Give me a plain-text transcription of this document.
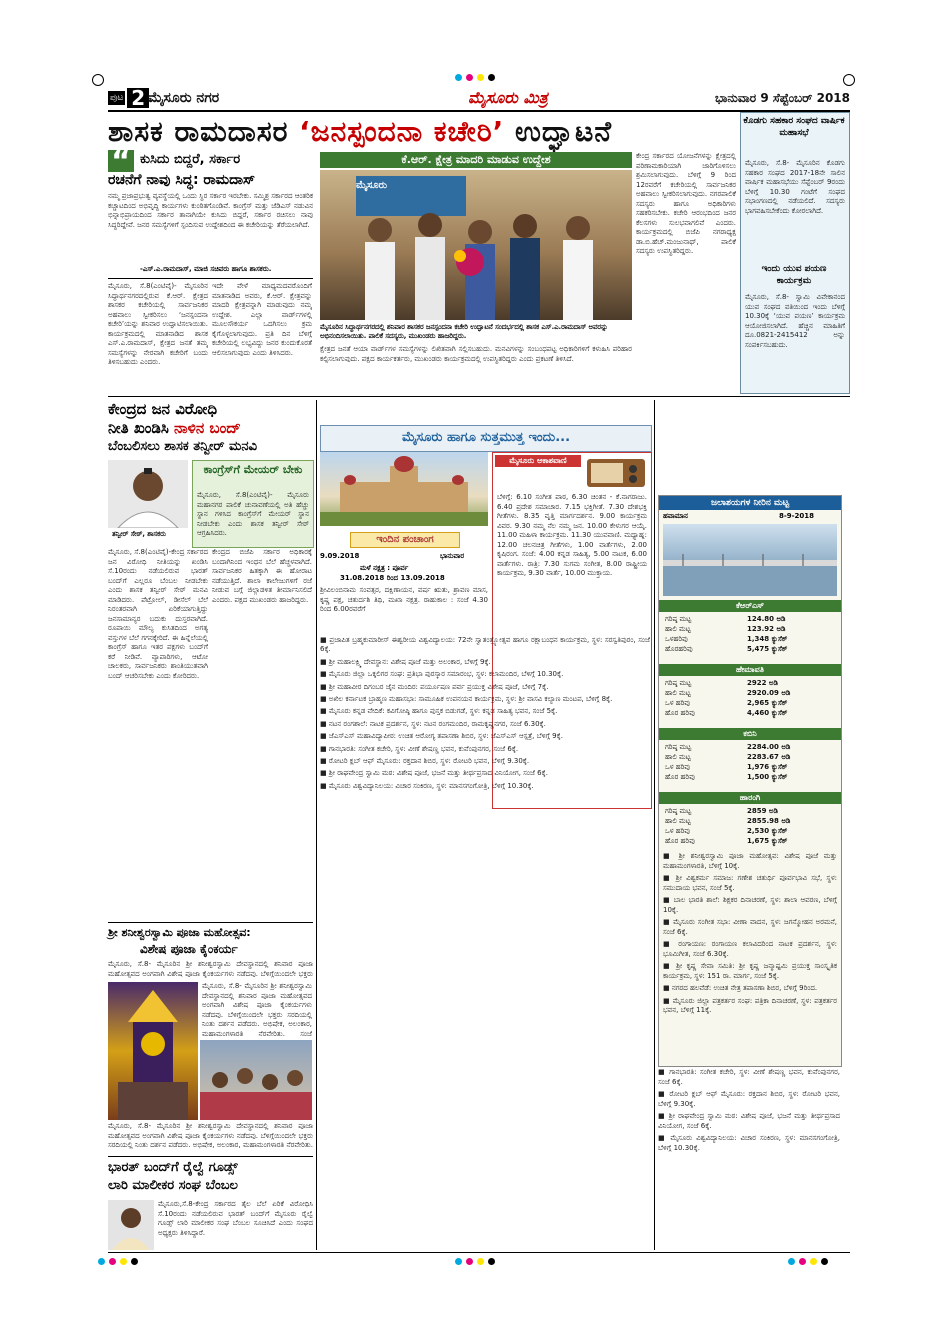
ಪುಟ 2 ಮೈಸೂರು ನಗರ	ಮೈಸೂರು ಮಿತ್ರ	ಭಾನುವಾರ 9 ಸೆಪ್ಟೆಂಬರ್ 2018
ಶಾಸಕ ರಾಮದಾಸರ ‘ಜನಸ್ಪಂದನಾ ಕಚೇರಿ’ ಉದ್ಘಾಟನೆ
“ ಕುಸಿದು ಬಿದ್ದರೆ, ಸರ್ಕಾರ
ರಚನೆಗೆ ನಾವು ಸಿದ್ಧ: ರಾಮದಾಸ್
ನಮ್ಮ ಪ್ರಜಾಪ್ರಭುತ್ವ ವ್ಯವಸ್ಥೆಯಲ್ಲಿ ಒಂದು ಸ್ಥಿರ ಸರ್ಕಾರ ಇರಬೇಕು. ಸಮ್ಮಿಶ್ರ ಸರ್ಕಾರದ ಆಂತರಿಕ ಕಚ್ಚಾಟದಿಂದ ಅಭಿವೃದ್ಧಿ ಕಾರ್ಯಗಳು ಕುಂಠಿತಗೊಂಡಿವೆ. ಕಾಂಗ್ರೆಸ್ ಮತ್ತು ಜೆಡಿಎಸ್ ನಡುವಿನ ಭಿನ್ನಾಭಿಪ್ರಾಯದಿಂದ ಸರ್ಕಾರ ತಾನಾಗಿಯೇ ಕುಸಿದು ಬಿದ್ದರೆ, ಸರ್ಕಾರ ರಚಿಸಲು ನಾವು ಸಿದ್ಧರಿದ್ದೇವೆ. ಜನರ ಸಮಸ್ಯೆಗಳಿಗೆ ಸ್ಪಂದಿಸುವ ಉದ್ದೇಶದಿಂದ ಈ ಕಚೇರಿಯನ್ನು ತೆರೆಯಲಾಗಿದೆ.
-ಎಸ್.ಎ.ರಾಮದಾಸ್, ಮಾಜಿ ಸಚಿವರು ಹಾಗೂ ಶಾಸಕರು.
ಮೈಸೂರು, ಸೆ.8(ಎಂಟಿವೈ)- ಮೈಸೂರಿನ ಸಿದ್ಧಾರ್ಥನಗರದಲ್ಲಿರುವ ಕೆ.ಆರ್. ಕ್ಷೇತ್ರದ ಶಾಸಕರ ಕಚೇರಿಯಲ್ಲಿ ಸಾರ್ವಜನಿಕರ ಅಹವಾಲು ಸ್ವೀಕರಿಸಲು ‘ಜನಸ್ಪಂದನಾ ಕಚೇರಿ’ಯನ್ನು ಶನಿವಾರ ಉದ್ಘಾಟಿಸಲಾಯಿತು. ಕಾರ್ಯಕ್ರಮದಲ್ಲಿ ಮಾತನಾಡಿದ ಶಾಸಕ ಎಸ್.ಎ.ರಾಮದಾಸ್, ಕ್ಷೇತ್ರದ ಜನತೆ ತಮ್ಮ ಸಮಸ್ಯೆಗಳನ್ನು ನೇರವಾಗಿ ಕಚೇರಿಗೆ ಬಂದು ತಿಳಿಸಬಹುದು ಎಂದರು.
ಇದೇ ವೇಳೆ ಮಾಧ್ಯಮದವರೊಂದಿಗೆ ಮಾತನಾಡಿದ ಅವರು, ಕೆ.ಆರ್. ಕ್ಷೇತ್ರವನ್ನು ಮಾದರಿ ಕ್ಷೇತ್ರವನ್ನಾಗಿ ಮಾಡುವುದು ನಮ್ಮ ಉದ್ದೇಶ. ಎಲ್ಲಾ ವಾರ್ಡ್‌ಗಳಲ್ಲಿ ಮೂಲಸೌಕರ್ಯ ಒದಗಿಸಲು ಕ್ರಮ ಕೈಗೊಳ್ಳಲಾಗುವುದು. ಪ್ರತಿ ದಿನ ಬೆಳಿಗ್ಗೆ ಕಚೇರಿಯಲ್ಲಿ ಲಭ್ಯವಿದ್ದು ಜನರ ಕುಂದುಕೊರತೆ ಆಲಿಸಲಾಗುವುದು ಎಂದು ತಿಳಿಸಿದರು.
ಕೆ.ಆರ್. ಕ್ಷೇತ್ರ ಮಾದರಿ ಮಾಡುವ ಉದ್ದೇಶ
ಮೈಸೂರು
ಮೈಸೂರಿನ ಸಿದ್ಧಾರ್ಥನಗರದಲ್ಲಿ ಶನಿವಾರ ಶಾಸಕರ ಜನಸ್ಪಂದನಾ ಕಚೇರಿ ಉದ್ಘಾಟನೆ ಸಂದರ್ಭದಲ್ಲಿ ಶಾಸಕ ಎಸ್.ಎ.ರಾಮದಾಸ್ ಅವರನ್ನು ಅಭಿನಂದಿಸಲಾಯಿತು. ಪಾಲಿಕೆ ಸದಸ್ಯರು, ಮುಖಂಡರು ಹಾಜರಿದ್ದರು.
ಕ್ಷೇತ್ರದ ಜನತೆ ಆಯಾ ವಾರ್ಡ್‌ಗಳ ಸಮಸ್ಯೆಗಳನ್ನು ಲಿಖಿತವಾಗಿ ಸಲ್ಲಿಸಬಹುದು. ಮನವಿಗಳನ್ನು ಸಂಬಂಧಪಟ್ಟ ಅಧಿಕಾರಿಗಳಿಗೆ ಕಳುಹಿಸಿ ಪರಿಹಾರ ಕಲ್ಪಿಸಲಾಗುವುದು. ಪಕ್ಷದ ಕಾರ್ಯಕರ್ತರು, ಮುಖಂಡರು ಕಾರ್ಯಕ್ರಮದಲ್ಲಿ ಉಪಸ್ಥಿತರಿದ್ದರು ಎಂದು ಪ್ರಕಟಣೆ ತಿಳಿಸಿದೆ.
ಕೇಂದ್ರ ಸರ್ಕಾರದ ಯೋಜನೆಗಳನ್ನು ಕ್ಷೇತ್ರದಲ್ಲಿ ಪರಿಣಾಮಕಾರಿಯಾಗಿ ಜಾರಿಗೊಳಿಸಲು ಶ್ರಮಿಸಲಾಗುವುದು. ಬೆಳಿಗ್ಗೆ 9 ರಿಂದ 12ರವರೆಗೆ ಕಚೇರಿಯಲ್ಲಿ ಸಾರ್ವಜನಿಕರ ಅಹವಾಲು ಸ್ವೀಕರಿಸಲಾಗುವುದು. ನಗರಪಾಲಿಕೆ ಸದಸ್ಯರು ಹಾಗೂ ಅಧಿಕಾರಿಗಳು ಸಹಕರಿಸಬೇಕು. ಕಚೇರಿ ಆರಂಭದಿಂದ ಜನರ ಕೆಲಸಗಳು ಸುಲಭವಾಗಲಿವೆ ಎಂದರು. ಕಾರ್ಯಕ್ರಮದಲ್ಲಿ ಬಿಜೆಪಿ ನಗರಾಧ್ಯಕ್ಷ ಡಾ.ಬಿ.ಹೆಚ್.ಮಂಜುನಾಥ್, ಪಾಲಿಕೆ ಸದಸ್ಯರು ಉಪಸ್ಥಿತರಿದ್ದರು.
ಕೊಡಗು ಸಹಕಾರ ಸಂಘದ ವಾರ್ಷಿಕ ಮಹಾಸಭೆ
ಮೈಸೂರು, ಸೆ.8- ಮೈಸೂರಿನ ಕೊಡಗು ಸಹಕಾರ ಸಂಘದ 2017-18ನೇ ಸಾಲಿನ ವಾರ್ಷಿಕ ಮಹಾಸಭೆಯು ಸೆಪ್ಟೆಂಬರ್ 9ರಂದು ಬೆಳಿಗ್ಗೆ 10.30 ಗಂಟೆಗೆ ಸಂಘದ ಸಭಾಂಗಣದಲ್ಲಿ ನಡೆಯಲಿದೆ. ಸದಸ್ಯರು ಭಾಗವಹಿಸಬೇಕೆಂದು ಕೋರಲಾಗಿದೆ.
ಇಂದು ಯುವ ಪಯಣ ಕಾರ್ಯಕ್ರಮ
ಮೈಸೂರು, ಸೆ.8- ಸ್ವಾಮಿ ವಿವೇಕಾನಂದ ಯುವ ಸಂಘದ ವತಿಯಿಂದ ಇಂದು ಬೆಳಿಗ್ಗೆ 10.30ಕ್ಕೆ ‘ಯುವ ಪಯಣ’ ಕಾರ್ಯಕ್ರಮ ಆಯೋಜಿಸಲಾಗಿದೆ. ಹೆಚ್ಚಿನ ಮಾಹಿತಿಗೆ ದೂ.0821-2415412 ಅನ್ನು ಸಂಪರ್ಕಿಸಬಹುದು.
ಕೇಂದ್ರದ ಜನ ವಿರೋಧಿ
ನೀತಿ ಖಂಡಿಸಿ ನಾಳಿನ ಬಂದ್
ಬೆಂಬಲಿಸಲು ಶಾಸಕ ತನ್ವೀರ್ ಮನವಿ
ತನ್ವೀರ್ ಸೇಠ್, ಶಾಸಕರು
ಕಾಂಗ್ರೆಸ್‌ಗೆ ಮೇಯರ್ ಬೇಕು
ಮೈಸೂರು, ಸೆ.8(ಎಂಟಿವೈ)- ಮೈಸೂರು ಮಹಾನಗರ ಪಾಲಿಕೆ ಚುನಾವಣೆಯಲ್ಲಿ ಅತಿ ಹೆಚ್ಚು ಸ್ಥಾನ ಗಳಿಸಿದ ಕಾಂಗ್ರೆಸ್‌ಗೆ ಮೇಯರ್ ಸ್ಥಾನ ನೀಡಬೇಕು ಎಂದು ಶಾಸಕ ತನ್ವೀರ್ ಸೇಠ್ ಆಗ್ರಹಿಸಿದರು.
ಮೈಸೂರು, ಸೆ.8(ಎಂಟಿವೈ)-ಕೇಂದ್ರ ಸರ್ಕಾರದ ಜನ ವಿರೋಧಿ ನೀತಿಯನ್ನು ಖಂಡಿಸಿ ಸೆ.10ರಂದು ನಡೆಯಲಿರುವ ಭಾರತ್ ಬಂದ್‌ಗೆ ಎಲ್ಲರೂ ಬೆಂಬಲ ನೀಡಬೇಕು ಎಂದು ಶಾಸಕ ತನ್ವೀರ್ ಸೇಠ್ ಮನವಿ ಮಾಡಿದರು. ಪೆಟ್ರೋಲ್, ಡೀಸೆಲ್ ಬೆಲೆ ನಿರಂತರವಾಗಿ ಏರಿಕೆಯಾಗುತ್ತಿದ್ದು ಜನಸಾಮಾನ್ಯರ ಬದುಕು ದುಸ್ತರವಾಗಿದೆ. ರೂಪಾಯಿ ಮೌಲ್ಯ ಕುಸಿತದಿಂದ ಅಗತ್ಯ ವಸ್ತುಗಳ ಬೆಲೆ ಗಗನಕ್ಕೇರಿದೆ. ಈ ಹಿನ್ನೆಲೆಯಲ್ಲಿ ಕಾಂಗ್ರೆಸ್ ಹಾಗೂ ಇತರ ಪಕ್ಷಗಳು ಬಂದ್‌ಗೆ ಕರೆ ನೀಡಿವೆ. ವ್ಯಾಪಾರಿಗಳು, ಆಟೋ ಚಾಲಕರು, ಸಾರ್ವಜನಿಕರು ಶಾಂತಿಯುತವಾಗಿ ಬಂದ್ ಆಚರಿಸಬೇಕು ಎಂದು ಕೋರಿದರು.
ಕೇಂದ್ರದ ಬಿಜೆಪಿ ಸರ್ಕಾರ ಅಧಿಕಾರಕ್ಕೆ ಬಂದಾಗಿನಿಂದ ಇಂಧನ ಬೆಲೆ ಹೆಚ್ಚಳವಾಗಿದೆ. ಸಾರ್ವಜನಿಕರ ಹಿತಕ್ಕಾಗಿ ಈ ಹೋರಾಟ ನಡೆಯುತ್ತಿದೆ. ಶಾಲಾ ಕಾಲೇಜುಗಳಿಗೆ ರಜೆ ನೀಡುವ ಬಗ್ಗೆ ಜಿಲ್ಲಾಡಳಿತ ತೀರ್ಮಾನಿಸಲಿದೆ ಎಂದರು. ಪಕ್ಷದ ಮುಖಂಡರು ಹಾಜರಿದ್ದರು.
ಶ್ರೀ ಶನೀಶ್ವರಸ್ವಾಮಿ ಪೂಜಾ ಮಹೋತ್ಸವ:
ವಿಶೇಷ ಪೂಜಾ ಕೈಂಕರ್ಯ
ಮೈಸೂರು, ಸೆ.8- ಮೈಸೂರಿನ ಶ್ರೀ ಶನೀಶ್ವರಸ್ವಾಮಿ ದೇವಸ್ಥಾನದಲ್ಲಿ ಶನಿವಾರ ಪೂಜಾ ಮಹೋತ್ಸವದ ಅಂಗವಾಗಿ ವಿಶೇಷ ಪೂಜಾ ಕೈಂಕರ್ಯಗಳು ನಡೆದವು. ಬೆಳಿಗ್ಗೆಯಿಂದಲೇ ಭಕ್ತರು
ಮೈಸೂರು, ಸೆ.8- ಮೈಸೂರಿನ ಶ್ರೀ ಶನೀಶ್ವರಸ್ವಾಮಿ ದೇವಸ್ಥಾನದಲ್ಲಿ ಶನಿವಾರ ಪೂಜಾ ಮಹೋತ್ಸವದ ಅಂಗವಾಗಿ ವಿಶೇಷ ಪೂಜಾ ಕೈಂಕರ್ಯಗಳು ನಡೆದವು. ಬೆಳಿಗ್ಗೆಯಿಂದಲೇ ಭಕ್ತರು ಸರದಿಯಲ್ಲಿ ನಿಂತು ದರ್ಶನ ಪಡೆದರು. ಅಭಿಷೇಕ, ಅಲಂಕಾರ, ಮಹಾಮಂಗಳಾರತಿ ನೆರವೇರಿತು. ಸಂಜೆ
ಮೈಸೂರು, ಸೆ.8- ಮೈಸೂರಿನ ಶ್ರೀ ಶನೀಶ್ವರಸ್ವಾಮಿ ದೇವಸ್ಥಾನದಲ್ಲಿ ಶನಿವಾರ ಪೂಜಾ ಮಹೋತ್ಸವದ ಅಂಗವಾಗಿ ವಿಶೇಷ ಪೂಜಾ ಕೈಂಕರ್ಯಗಳು ನಡೆದವು. ಬೆಳಿಗ್ಗೆಯಿಂದಲೇ ಭಕ್ತರು ಸರದಿಯಲ್ಲಿ ನಿಂತು ದರ್ಶನ ಪಡೆದರು. ಅಭಿಷೇಕ, ಅಲಂಕಾರ, ಮಹಾಮಂಗಳಾರತಿ ನೆರವೇರಿತು.
ಭಾರತ್ ಬಂದ್‌ಗೆ ರೈಲ್ವೆ ಗೂಡ್ಸ್
ಲಾರಿ ಮಾಲೀಕರ ಸಂಘ ಬೆಂಬಲ
ಮೈಸೂರು,ಸೆ.8-ಕೇಂದ್ರ ಸರ್ಕಾರದ ತೈಲ ಬೆಲೆ ಏರಿಕೆ ವಿರೋಧಿಸಿ ಸೆ.10ರಂದು ನಡೆಯಲಿರುವ ಭಾರತ್ ಬಂದ್‌ಗೆ ಮೈಸೂರು ರೈಲ್ವೆ ಗೂಡ್ಸ್ ಲಾರಿ ಮಾಲೀಕರ ಸಂಘ ಬೆಂಬಲ ಸೂಚಿಸಿದೆ ಎಂದು ಸಂಘದ ಅಧ್ಯಕ್ಷರು ತಿಳಿಸಿದ್ದಾರೆ.
ಮೈಸೂರು ಹಾಗೂ ಸುತ್ತಮುತ್ತ ಇಂದು...
ಇಂದಿನ ಪಂಚಾಂಗ
9.09.2018	ಭಾನುವಾರ
ಮಳೆ ನಕ್ಷತ್ರ : ಪೂರ್ವ
31.08.2018 ರಿಂದ 13.09.2018
ಶ್ರೀವಿಲಂಬಿನಾಮ ಸಂವತ್ಸರ, ದಕ್ಷಿಣಾಯನ, ವರ್ಷ ಋತು, ಶ್ರಾವಣ ಮಾಸ, ಕೃಷ್ಣ ಪಕ್ಷ, ಚತುರ್ದಶಿ ತಿಥಿ, ಮಖಾ ನಕ್ಷತ್ರ. ರಾಹುಕಾಲ : ಸಂಜೆ 4.30 ರಿಂದ 6.00ರವರೆಗೆ
ಮೈಸೂರು ಆಕಾಶವಾಣಿ
ಬೆಳಿಗ್ಗೆ: 6.10 ಸಂಗೀತ ಪಾಠ, 6.30 ಚಿಂತನ - ಕೆ.ನಾಗರಾಜು. 6.40 ಪ್ರದೇಶ ಸಮಾಚಾರ. 7.15 ಭಕ್ತಿಗೀತೆ. 7.30 ದೇಶಭಕ್ತಿ ಗೀತೆಗಳು. 8.35 ವೃತ್ತಿ ಮಾರ್ಗದರ್ಶನ. 9.00 ಕಾರ್ಯಕ್ರಮ ವಿವರ. 9.30 ನಮ್ಮ ನೆಲ ನಮ್ಮ ಜನ. 10.00 ಕೇಳುಗರ ಆಯ್ಕೆ. 11.00 ಮಹಿಳಾ ಕಾರ್ಯಕ್ರಮ. 11.30 ಯುವವಾಣಿ. ಮಧ್ಯಾಹ್ನ: 12.00 ಚಲನಚಿತ್ರ ಗೀತೆಗಳು, 1.00 ವಾರ್ತೆಗಳು, 2.00 ಕೃಷಿರಂಗ. ಸಂಜೆ: 4.00 ಕನ್ನಡ ಸಾಹಿತ್ಯ, 5.00 ನಾಟಕ, 6.00 ವಾರ್ತೆಗಳು. ರಾತ್ರಿ: 7.30 ಸುಗಮ ಸಂಗೀತ, 8.00 ರಾಷ್ಟ್ರೀಯ ಕಾರ್ಯಕ್ರಮ, 9.30 ವಾರ್ತೆ, 10.00 ಮುಕ್ತಾಯ.
■ ಪ್ರಜಾಪಿತ ಬ್ರಹ್ಮಕುಮಾರೀಸ್ ಈಶ್ವರೀಯ ವಿಶ್ವವಿದ್ಯಾಲಯ: 72ನೇ ಸ್ವಾತಂತ್ರ್ಯೋತ್ಸವ ಹಾಗೂ ರಕ್ಷಾಬಂಧನ ಕಾರ್ಯಕ್ರಮ, ಸ್ಥಳ: ಸರಸ್ವತಿಪುರಂ, ಸಂಜೆ 6ಕ್ಕೆ.
■ ಶ್ರೀ ಮಹಾಲಕ್ಷ್ಮಿ ದೇವಸ್ಥಾನ: ವಿಶೇಷ ಪೂಜೆ ಮತ್ತು ಅಲಂಕಾರ, ಬೆಳಿಗ್ಗೆ 9ಕ್ಕೆ.
■ ಮೈಸೂರು ಜಿಲ್ಲಾ ಒಕ್ಕಲಿಗರ ಸಂಘ: ಪ್ರತಿಭಾ ಪುರಸ್ಕಾರ ಸಮಾರಂಭ, ಸ್ಥಳ: ಕಲಾಮಂದಿರ, ಬೆಳಿಗ್ಗೆ 10.30ಕ್ಕೆ.
■ ಶ್ರೀ ಮಹಾವೀರ ದಿಗಂಬರ ಜೈನ ಮಂದಿರ: ಪರ್ಯೂಷಣ ಪರ್ವ ಪ್ರಯುಕ್ತ ವಿಶೇಷ ಪೂಜೆ, ಬೆಳಿಗ್ಗೆ 7ಕ್ಕೆ.
■ ಅಖಿಲ ಕರ್ನಾಟಕ ಬ್ರಾಹ್ಮಣ ಮಹಾಸಭಾ: ಸಾಮೂಹಿಕ ಉಪನಯನ ಕಾರ್ಯಕ್ರಮ, ಸ್ಥಳ: ಶ್ರೀ ವಾಸವಿ ಕಲ್ಯಾಣ ಮಂಟಪ, ಬೆಳಿಗ್ಗೆ 8ಕ್ಕೆ.
■ ಮೈಸೂರು ಕನ್ನಡ ವೇದಿಕೆ: ಕವಿಗೋಷ್ಠಿ ಹಾಗೂ ಪುಸ್ತಕ ಬಿಡುಗಡೆ, ಸ್ಥಳ: ಕನ್ನಡ ಸಾಹಿತ್ಯ ಭವನ, ಸಂಜೆ 5ಕ್ಕೆ.
■ ನಟನ ರಂಗಶಾಲೆ: ನಾಟಕ ಪ್ರದರ್ಶನ, ಸ್ಥಳ: ನಟನ ರಂಗಮಂದಿರ, ರಾಮಕೃಷ್ಣನಗರ, ಸಂಜೆ 6.30ಕ್ಕೆ.
■ ಜೆಎಸ್‌ಎಸ್ ಮಹಾವಿದ್ಯಾಪೀಠ: ಉಚಿತ ಆರೋಗ್ಯ ತಪಾಸಣಾ ಶಿಬಿರ, ಸ್ಥಳ: ಜೆಎಸ್‌ಎಸ್ ಆಸ್ಪತ್ರೆ, ಬೆಳಿಗ್ಗೆ 9ಕ್ಕೆ.
■ ಗಾನಭಾರತಿ: ಸಂಗೀತ ಕಚೇರಿ, ಸ್ಥಳ: ವೀಣೆ ಶೇಷಣ್ಣ ಭವನ, ಕುವೆಂಪುನಗರ, ಸಂಜೆ 6ಕ್ಕೆ.
■ ರೋಟರಿ ಕ್ಲಬ್ ಆಫ್ ಮೈಸೂರು: ರಕ್ತದಾನ ಶಿಬಿರ, ಸ್ಥಳ: ರೋಟರಿ ಭವನ, ಬೆಳಿಗ್ಗೆ 9.30ಕ್ಕೆ.
■ ಶ್ರೀ ರಾಘವೇಂದ್ರ ಸ್ವಾಮಿ ಮಠ: ವಿಶೇಷ ಪೂಜೆ, ಭಜನೆ ಮತ್ತು ತೀರ್ಥಪ್ರಸಾದ ವಿನಿಯೋಗ, ಸಂಜೆ 6ಕ್ಕೆ.
■ ಮೈಸೂರು ವಿಶ್ವವಿದ್ಯಾನಿಲಯ: ವಿಚಾರ ಸಂಕಿರಣ, ಸ್ಥಳ: ಮಾನಸಗಂಗೋತ್ರಿ, ಬೆಳಿಗ್ಗೆ 10.30ಕ್ಕೆ.
ಜಲಾಶಯಗಳ ನೀರಿನ ಮಟ್ಟ
ಹವಾಮಾನ	8-9-2018
ಕೆಆರ್‌ಎಸ್
ಗರಿಷ್ಠ ಮಟ್ಟ	124.80 ಅಡಿ
ಹಾಲಿ ಮಟ್ಟ	123.92 ಅಡಿ
ಒಳಹರಿವು	1,348 ಕ್ಯುಸೆಕ್
ಹೊರಹರಿವು	5,475 ಕ್ಯುಸೆಕ್
ಹೇಮಾವತಿ
ಗರಿಷ್ಠ ಮಟ್ಟ	2922 ಅಡಿ
ಹಾಲಿ ಮಟ್ಟ	2920.09 ಅಡಿ
ಒಳ ಹರಿವು	2,965 ಕ್ಯುಸೆಕ್
ಹೊರ ಹರಿವು	4,460 ಕ್ಯುಸೆಕ್
ಕಬಿನಿ
ಗರಿಷ್ಠ ಮಟ್ಟ	2284.00 ಅಡಿ
ಹಾಲಿ ಮಟ್ಟ	2283.67 ಅಡಿ
ಒಳ ಹರಿವು	1,976 ಕ್ಯುಸೆಕ್
ಹೊರ ಹರಿವು	1,500 ಕ್ಯುಸೆಕ್
ಹಾರಂಗಿ
ಗರಿಷ್ಠ ಮಟ್ಟ	2859 ಅಡಿ
ಹಾಲಿ ಮಟ್ಟ	2855.98 ಅಡಿ
ಒಳ ಹರಿವು	2,530 ಕ್ಯುಸೆಕ್
ಹೊರ ಹರಿವು	1,675 ಕ್ಯುಸೆಕ್
■ ಶ್ರೀ ಶನೀಶ್ವರಸ್ವಾಮಿ ಪೂಜಾ ಮಹೋತ್ಸವ: ವಿಶೇಷ ಪೂಜೆ ಮತ್ತು ಮಹಾಮಂಗಳಾರತಿ, ಬೆಳಿಗ್ಗೆ 10ಕ್ಕೆ.
■ ಶ್ರೀ ವಿಶ್ವಕರ್ಮ ಸಮಾಜ: ಗಣೇಶ ಚತುರ್ಥಿ ಪೂರ್ವಭಾವಿ ಸಭೆ, ಸ್ಥಳ: ಸಮುದಾಯ ಭವನ, ಸಂಜೆ 5ಕ್ಕೆ.
■ ಬಾಲ ಭಾರತಿ ಶಾಲೆ: ಶಿಕ್ಷಕರ ದಿನಾಚರಣೆ, ಸ್ಥಳ: ಶಾಲಾ ಆವರಣ, ಬೆಳಿಗ್ಗೆ 10ಕ್ಕೆ.
■ ಮೈಸೂರು ಸಂಗೀತ ಸಭಾ: ವೀಣಾ ವಾದನ, ಸ್ಥಳ: ಜಗನ್ಮೋಹನ ಅರಮನೆ, ಸಂಜೆ 6ಕ್ಕೆ.
■ ರಂಗಾಯಣ: ರಂಗಾಯಣ ಕಲಾವಿದರಿಂದ ನಾಟಕ ಪ್ರದರ್ಶನ, ಸ್ಥಳ: ಭೂಮಿಗೀತ, ಸಂಜೆ 6.30ಕ್ಕೆ.
■ ಶ್ರೀ ಕೃಷ್ಣ ಸೇವಾ ಸಮಿತಿ: ಶ್ರೀ ಕೃಷ್ಣ ಜನ್ಮಾಷ್ಟಮಿ ಪ್ರಯುಕ್ತ ಸಾಂಸ್ಕೃತಿಕ ಕಾರ್ಯಕ್ರಮ, ಸ್ಥಳ: 151 ರಾ. ಮಾರ್ಗ, ಸಂಜೆ 5ಕ್ಕೆ.
■ ನಗರದ ಹಲವೆಡೆ: ಉಚಿತ ನೇತ್ರ ತಪಾಸಣಾ ಶಿಬಿರ, ಬೆಳಿಗ್ಗೆ 9ರಿಂದ.
■ ಮೈಸೂರು ಜಿಲ್ಲಾ ಪತ್ರಕರ್ತರ ಸಂಘ: ಪತ್ರಿಕಾ ದಿನಾಚರಣೆ, ಸ್ಥಳ: ಪತ್ರಕರ್ತರ ಭವನ, ಬೆಳಿಗ್ಗೆ 11ಕ್ಕೆ.
■ ಗಾನಭಾರತಿ: ಸಂಗೀತ ಕಚೇರಿ, ಸ್ಥಳ: ವೀಣೆ ಶೇಷಣ್ಣ ಭವನ, ಕುವೆಂಪುನಗರ, ಸಂಜೆ 6ಕ್ಕೆ.
■ ರೋಟರಿ ಕ್ಲಬ್ ಆಫ್ ಮೈಸೂರು: ರಕ್ತದಾನ ಶಿಬಿರ, ಸ್ಥಳ: ರೋಟರಿ ಭವನ, ಬೆಳಿಗ್ಗೆ 9.30ಕ್ಕೆ.
■ ಶ್ರೀ ರಾಘವೇಂದ್ರ ಸ್ವಾಮಿ ಮಠ: ವಿಶೇಷ ಪೂಜೆ, ಭಜನೆ ಮತ್ತು ತೀರ್ಥಪ್ರಸಾದ ವಿನಿಯೋಗ, ಸಂಜೆ 6ಕ್ಕೆ.
■ ಮೈಸೂರು ವಿಶ್ವವಿದ್ಯಾನಿಲಯ: ವಿಚಾರ ಸಂಕಿರಣ, ಸ್ಥಳ: ಮಾನಸಗಂಗೋತ್ರಿ, ಬೆಳಿಗ್ಗೆ 10.30ಕ್ಕೆ.
